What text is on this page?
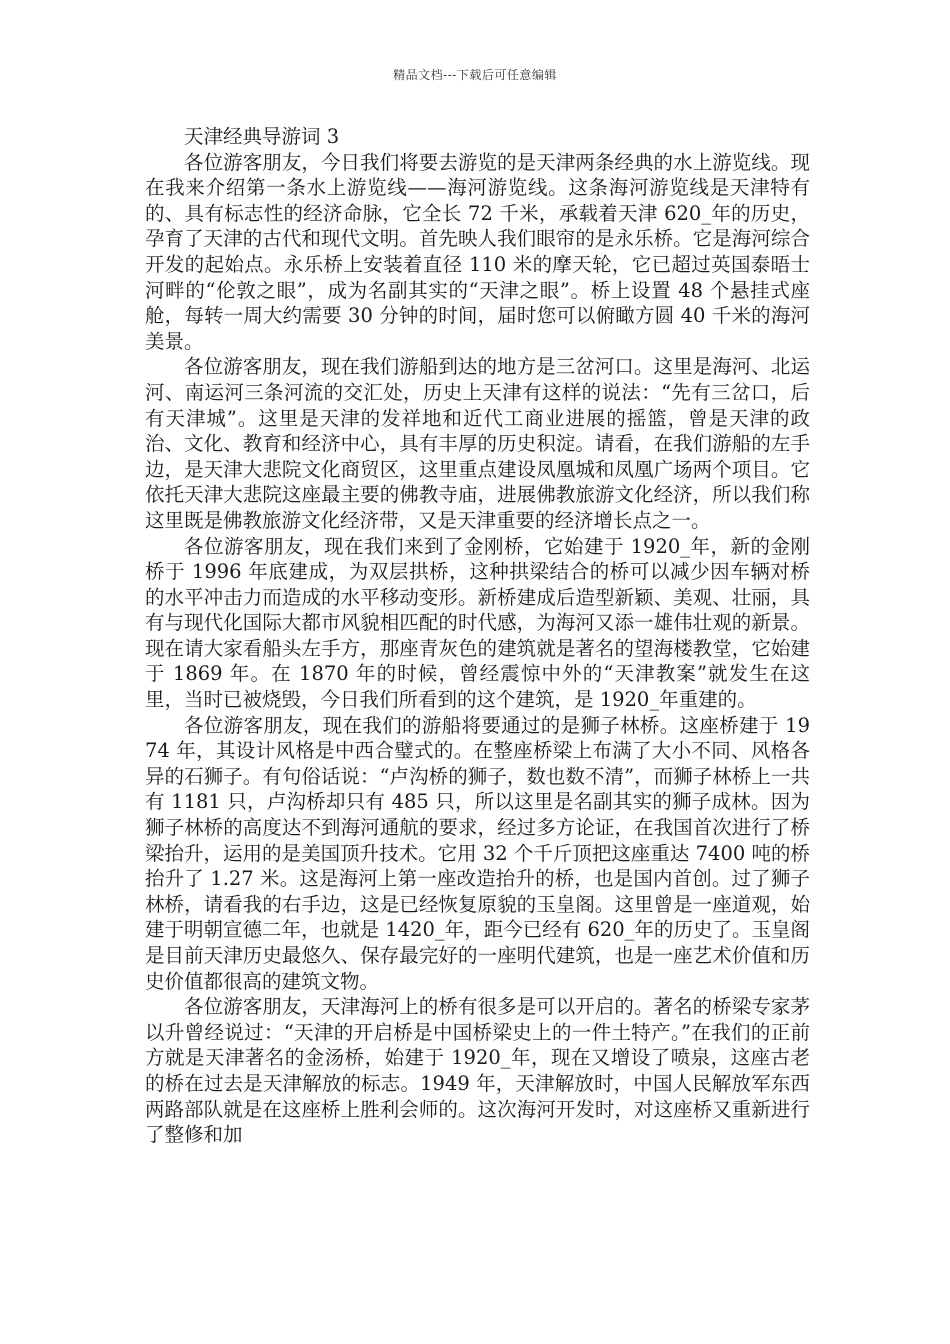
精品文档---下载后可任意编辑
天津经典导游词 3

各位游客朋友，今日我们将要去游览的是天津两条经典的水上游览线。现在我来介绍第一条水上游览线——海河游览线。这条海河游览线是天津特有的、具有标志性的经济命脉，它全长 72 千米，承载着天津 620_年的历史，孕育了天津的古代和现代文明。首先映人我们眼帘的是永乐桥。它是海河综合开发的起始点。永乐桥上安装着直径 110 米的摩天轮，它已超过英国泰晤士河畔的“伦敦之眼”，成为名副其实的“天津之眼”。桥上设置 48 个悬挂式座舱，每转一周大约需要 30 分钟的时间，届时您可以俯瞰方圆 40 千米的海河美景。

各位游客朋友，现在我们游船到达的地方是三岔河口。这里是海河、北运河、南运河三条河流的交汇处，历史上天津有这样的说法：“先有三岔口，后有天津城”。这里是天津的发祥地和近代工商业进展的摇篮，曾是天津的政治、文化、教育和经济中心，具有丰厚的历史积淀。请看，在我们游船的左手边，是天津大悲院文化商贸区，这里重点建设凤凰城和凤凰广场两个项目。它依托天津大悲院这座最主要的佛教寺庙，进展佛教旅游文化经济，所以我们称这里既是佛教旅游文化经济带，又是天津重要的经济增长点之一。

各位游客朋友，现在我们来到了金刚桥，它始建于 1920_年，新的金刚桥于 1996 年底建成，为双层拱桥，这种拱梁结合的桥可以减少因车辆对桥的水平冲击力而造成的水平移动变形。新桥建成后造型新颖、美观、壮丽，具有与现代化国际大都市风貌相匹配的时代感，为海河又添一雄伟壮观的新景。现在请大家看船头左手方，那座青灰色的建筑就是著名的望海楼教堂，它始建于 1869 年。在 1870 年的时候，曾经震惊中外的“天津教案”就发生在这里，当时已被烧毁，今日我们所看到的这个建筑，是 1920_年重建的。

各位游客朋友，现在我们的游船将要通过的是狮子林桥。这座桥建于 1974 年，其设计风格是中西合璧式的。在整座桥梁上布满了大小不同、风格各异的石狮子。有句俗话说：“卢沟桥的狮子，数也数不清”，而狮子林桥上一共有 1181 只，卢沟桥却只有 485 只，所以这里是名副其实的狮子成林。因为狮子林桥的高度达不到海河通航的要求，经过多方论证，在我国首次进行了桥梁抬升，运用的是美国顶升技术。它用 32 个千斤顶把这座重达 7400 吨的桥抬升了 1.27 米。这是海河上第一座改造抬升的桥，也是国内首创。过了狮子林桥，请看我的右手边，这是已经恢复原貌的玉皇阁。这里曾是一座道观，始建于明朝宣德二年，也就是 1420_年，距今已经有 620_年的历史了。玉皇阁是目前天津历史最悠久、保存最完好的一座明代建筑，也是一座艺术价值和历史价值都很高的建筑文物。

各位游客朋友，天津海河上的桥有很多是可以开启的。著名的桥梁专家茅以升曾经说过：“天津的开启桥是中国桥梁史上的一件土特产。”在我们的正前方就是天津著名的金汤桥，始建于 1920_年，现在又增设了喷泉，这座古老的桥在过去是天津解放的标志。1949 年，天津解放时，中国人民解放军东西两路部队就是在这座桥上胜利会师的。这次海河开发时，对这座桥又重新进行了整修和加
